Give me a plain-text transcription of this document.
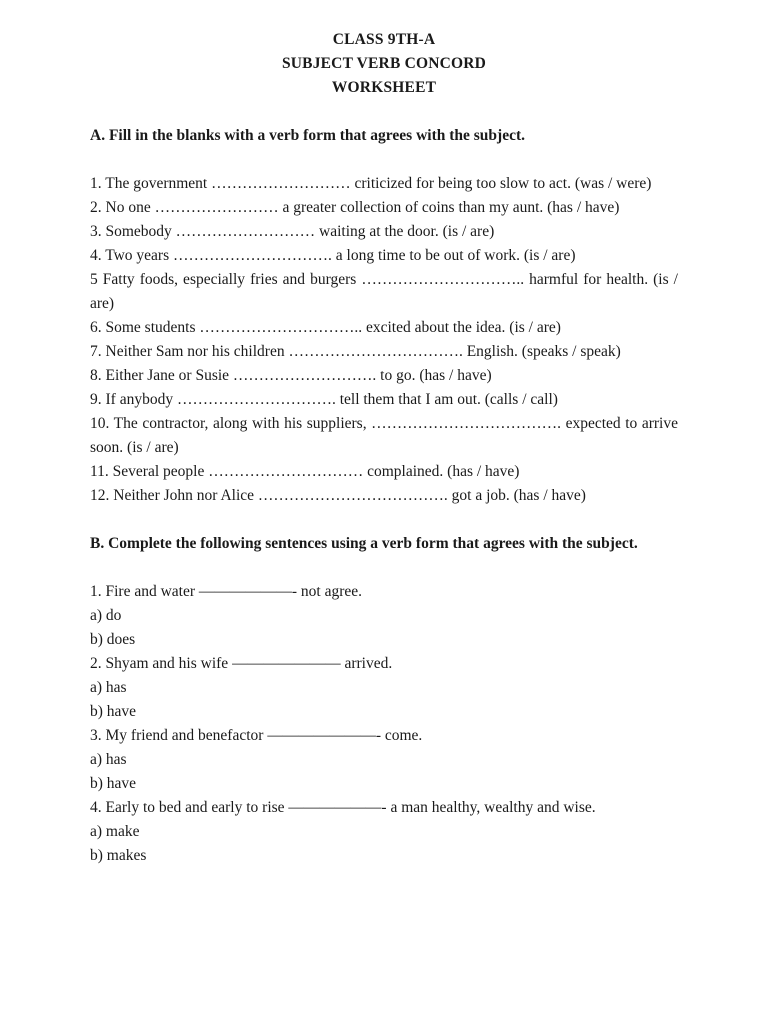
CLASS 9TH-A
SUBJECT VERB CONCORD
WORKSHEET
A. Fill in the blanks with a verb form that agrees with the subject.
1. The government ……………………… criticized for being too slow to act. (was / were)
2. No one …………………… a greater collection of coins than my aunt. (has / have)
3. Somebody ……………………… waiting at the door. (is / are)
4. Two years …………………………. a long time to be out of work. (is / are)
5 Fatty foods, especially fries and burgers ………………………….. harmful for health. (is / are)
6. Some students ………………………….. excited about the idea. (is / are)
7. Neither Sam nor his children ……………………………. English. (speaks / speak)
8. Either Jane or Susie ………………………. to go. (has / have)
9. If anybody …………………………. tell them that I am out. (calls / call)
10. The contractor, along with his suppliers, ………………………………. expected to arrive soon. (is / are)
11. Several people ………………………… complained. (has / have)
12. Neither John nor Alice ………………………………. got a job. (has / have)
B. Complete the following sentences using a verb form that agrees with the subject.
1. Fire and water ——————- not agree.
a) do
b) does
2. Shyam and his wife ——————— arrived.
a) has
b) have
3. My friend and benefactor ———————- come.
a) has
b) have
4. Early to bed and early to rise ——————- a man healthy, wealthy and wise.
a) make
b) makes
